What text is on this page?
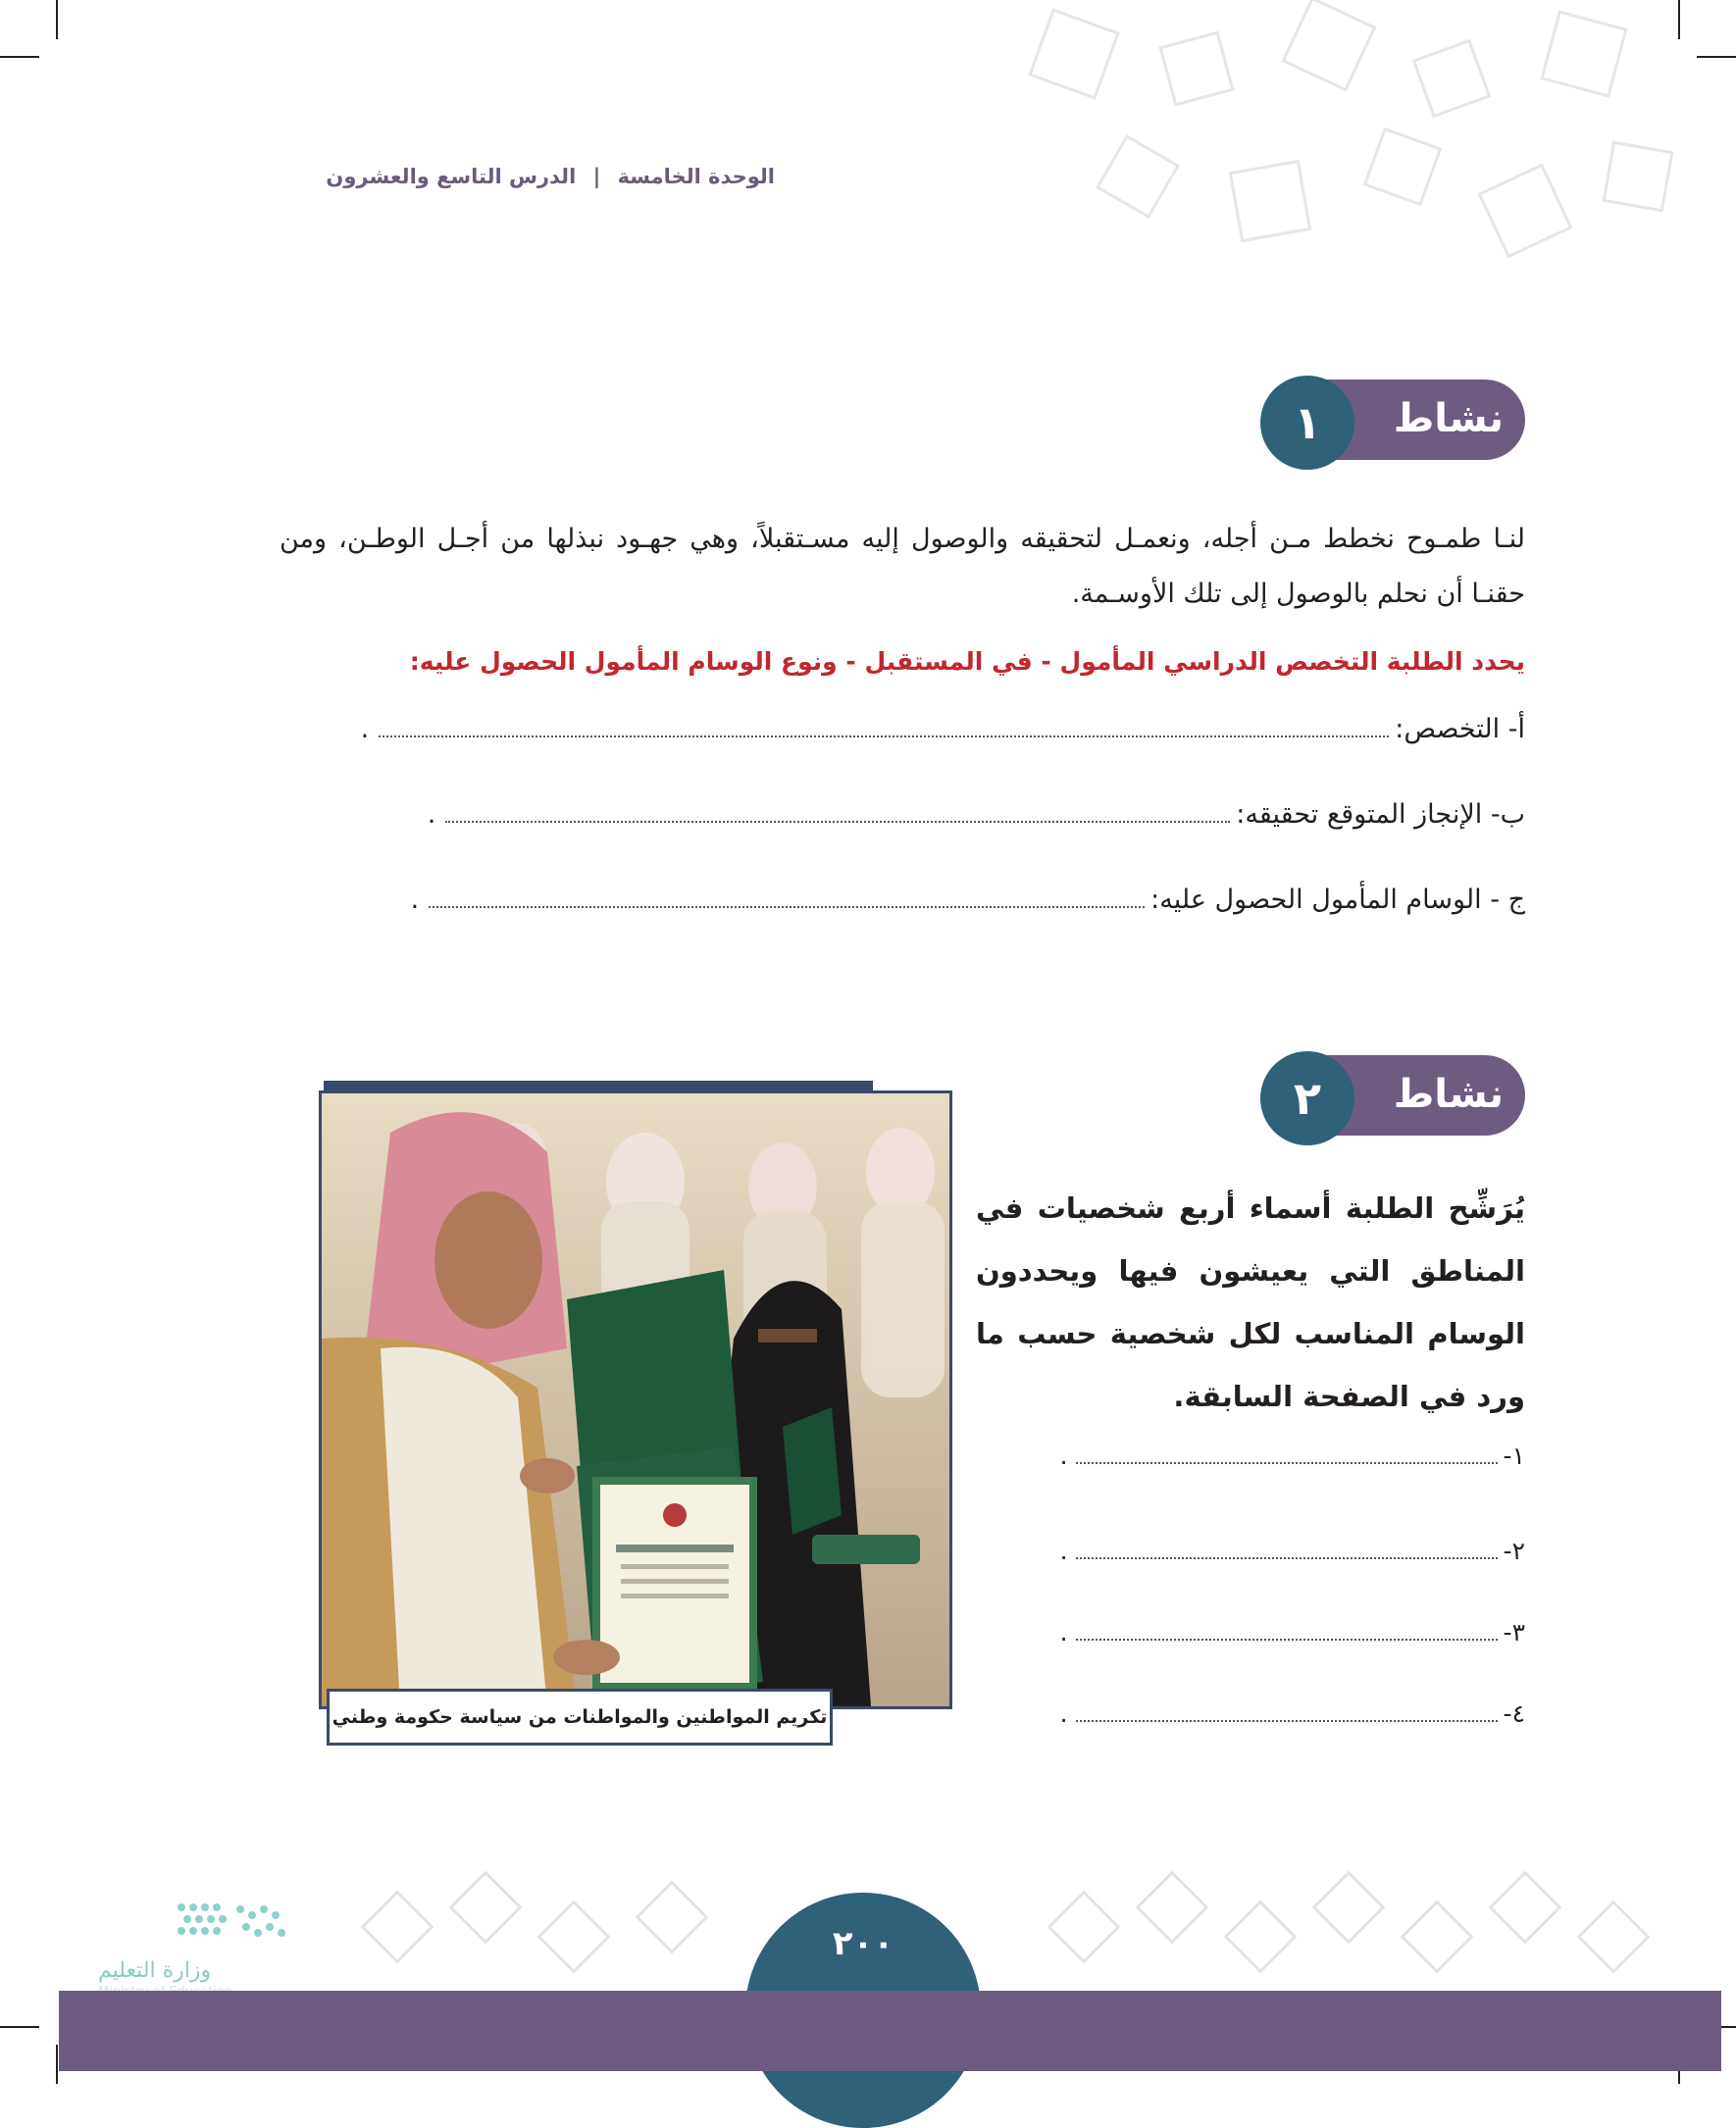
الوحدة الخامسة | الدرس التاسع والعشرون
نشاط
١
لنـا طمـوح نخطط مـن أجله، ونعمـل لتحقيقه والوصول إليه مسـتقبلاً، وهي جهـود نبذلها من أجـل الوطـن، ومن حقنـا أن نحلم بالوصول إلى تلك الأوسـمة.
يحدد الطلبة التخصص الدراسي المأمول - في المستقبل - ونوع الوسام المأمول الحصول عليه:
أ- التخصص:
.
ب- الإنجاز المتوقع تحقيقه:
.
ج - الوسام المأمول الحصول عليه:
.
نشاط
٢
يُرَشِّح الطلبة أسماء أربع شخصيات في المناطق التي يعيشون فيها ويحددون الوسام المناسب لكل شخصية حسب ما ورد في الصفحة السابقة.
١-
.
٢-
.
٣-
.
٤-
.
تكريم المواطنين والمواطنات من سياسة حكومة وطني
وزارة التعليم

٢٠٠
